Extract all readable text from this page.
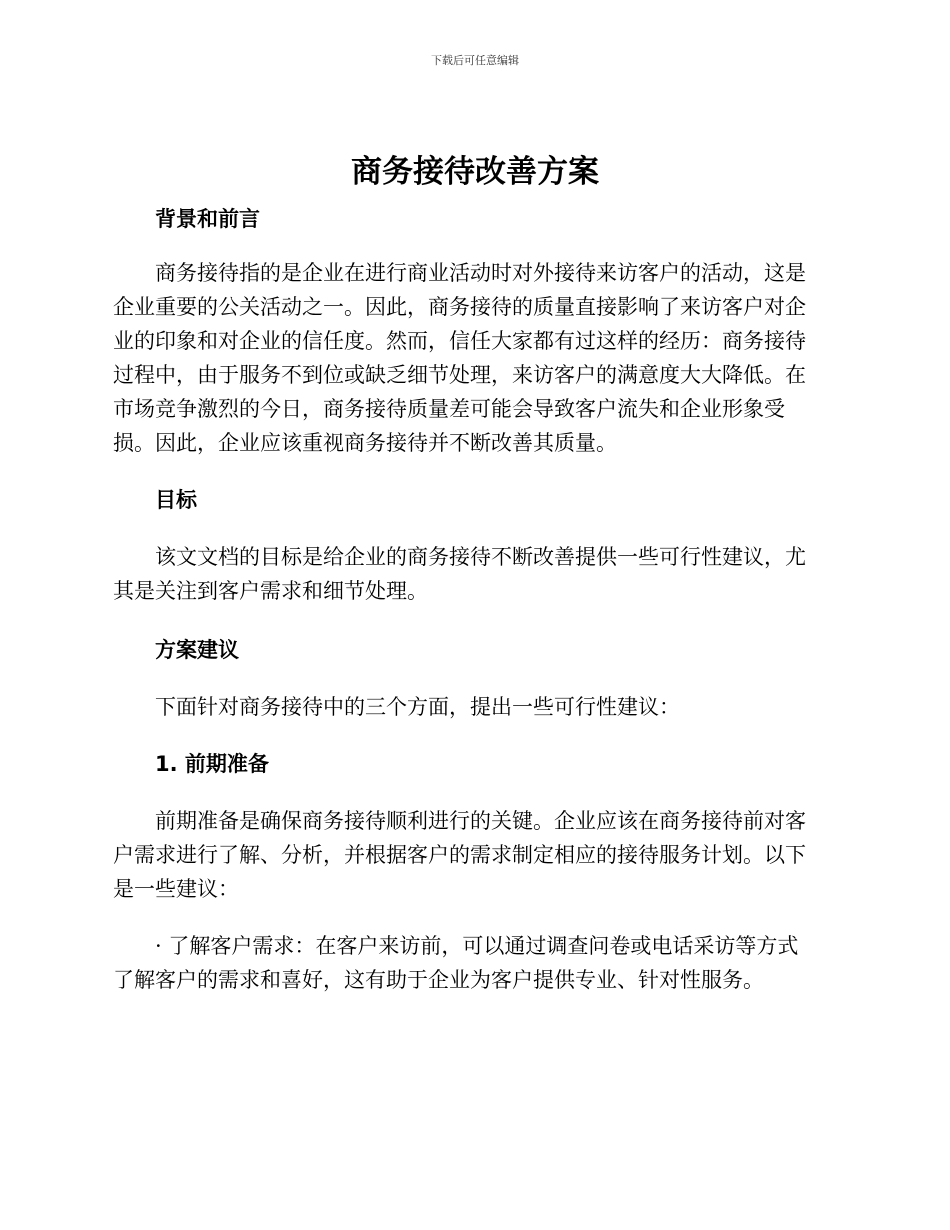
下载后可任意编辑
商务接待改善方案
背景和前言

商务接待指的是企业在进行商业活动时对外接待来访客户的活动，这是
企业重要的公关活动之一。因此，商务接待的质量直接影响了来访客户对企
业的印象和对企业的信任度。然而，信任大家都有过这样的经历：商务接待
过程中，由于服务不到位或缺乏细节处理，来访客户的满意度大大降低。在
市场竞争激烈的今日，商务接待质量差可能会导致客户流失和企业形象受
损。因此，企业应该重视商务接待并不断改善其质量。

目标

该文文档的目标是给企业的商务接待不断改善提供一些可行性建议，尤
其是关注到客户需求和细节处理。

方案建议

下面针对商务接待中的三个方面，提出一些可行性建议：

1. 前期准备

前期准备是确保商务接待顺利进行的关键。企业应该在商务接待前对客
户需求进行了解、分析，并根据客户的需求制定相应的接待服务计划。以下
是一些建议：

· 了解客户需求：在客户来访前，可以通过调查问卷或电话采访等方式
了解客户的需求和喜好，这有助于企业为客户提供专业、针对性服务。
